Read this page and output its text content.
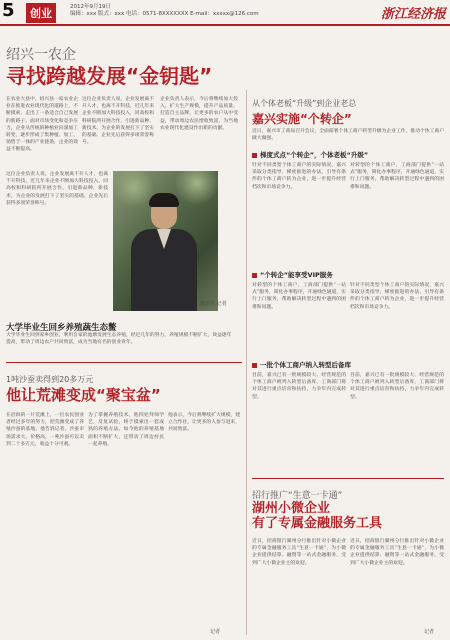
5	创业	2012年9月19日
编辑：xxx 版式：xxx 电话：0571-8XXXXXXX E-mail：xxxxx@126.com	浙江经济报
绍兴一农企
寻找跨越发展“金钥匙”
在农业大县中，绍兴县一家农业企业在推进农业现代化的道路上，不断摸索，走出了一条适合自己发展的新路子。面对市场变化和竞争压力，企业从传统的种植业向深加工转变，逐步形成了集种植、加工、销售于一体的产业链条，企业的效益不断提高。
这位企业负责人说，企业发展离不开人才，也离不开科技，近几年来企业不断加大科技投入，同高校和科研院所开展合作，引进新品种、新技术，为企业的发展打下了坚实的基础。企业先后获得多项荣誉称号。
企业负责人表示，今后将继续加大投入，扩大生产规模，提升产品质量，打造自主品牌，让更多的农户从中受益，带动周边农民增收致富，为当地农业现代化建设作出新的贡献。
这位企业负责人说，企业发展离不开人才，也离不开科技，近几年来企业不断加大科技投入，同高校和科研院所开展合作，引进新品种、新技术，为企业的发展打下了坚实的基础。企业先后获得多项荣誉称号。
通讯员 记者
大学毕业生回乡养殖蔬生态鳖
大学毕业生回到家乡创业，利用自家的池塘发展生态养殖，经过几年的努力，养殖规模不断扩大，效益逐年提高，带动了周边农户共同致富，成为当地有名的创业青年。
1吨沙蚕卖得到20多万元
他让荒滩变成“聚宝盆”
在沿海的一片荒滩上，一位农民创业者经过多年的努力，把荒滩变成了养殖沙蚕的基地。他告诉记者，沙蚕市场需求大，价格高，一吨沙蚕可以卖到二十多万元，收益十分可观。
为了掌握养殖技术，他四处拜师学艺，反复试验，终于摸索出一套成熟的养殖方法。如今他的养殖基地面积不断扩大，还带动了周边村民一起养殖。
他表示，今后将继续扩大规模，建立合作社，让更多的人参与进来，共同致富。
记者
从个体老板“升级”到企业老总
嘉兴实施“个转企”
近日，嘉兴市工商局召开会议，全面部署个体工商户转型升级为企业工作，推动个体工商户做大做强。
梯度式点“个转企”，个体老板“升级”
针对不同类型个体工商户的实际情况，嘉兴采取分类指导、梯度推进的办法，引导有条件的个体工商户转为企业，进一步提升经营档次和市场竞争力。
对转型的个体工商户，工商部门提供“一站式”服务，简化办事程序，开通绿色通道，实行上门服务，帮助解决转型过程中遇到的困难和问题。
“个转企”能享受VIP服务
对转型的个体工商户，工商部门提供“一站式”服务，简化办事程序，开通绿色通道，实行上门服务，帮助解决转型过程中遇到的困难和问题。
针对不同类型个体工商户的实际情况，嘉兴采取分类指导、梯度推进的办法，引导有条件的个体工商户转为企业，进一步提升经营档次和市场竞争力。
一批个体工商户纳入转型后备库
目前，嘉兴已有一批规模较大、经营规范的个体工商户被列入转型后备库，工商部门将对其进行重点培育和扶持，力争年内完成转型。
目前，嘉兴已有一批规模较大、经营规范的个体工商户被列入转型后备库，工商部门将对其进行重点培育和扶持，力争年内完成转型。
招行推广“生意一卡通”
湖州小微企业
有了专属金融服务工具
近日，招商银行湖州分行推出针对小微企业的专属金融服务工具“生意一卡通”，为小微企业提供结算、融资等一站式金融服务，受到广大小微企业主的欢迎。
近日，招商银行湖州分行推出针对小微企业的专属金融服务工具“生意一卡通”，为小微企业提供结算、融资等一站式金融服务，受到广大小微企业主的欢迎。
记者
